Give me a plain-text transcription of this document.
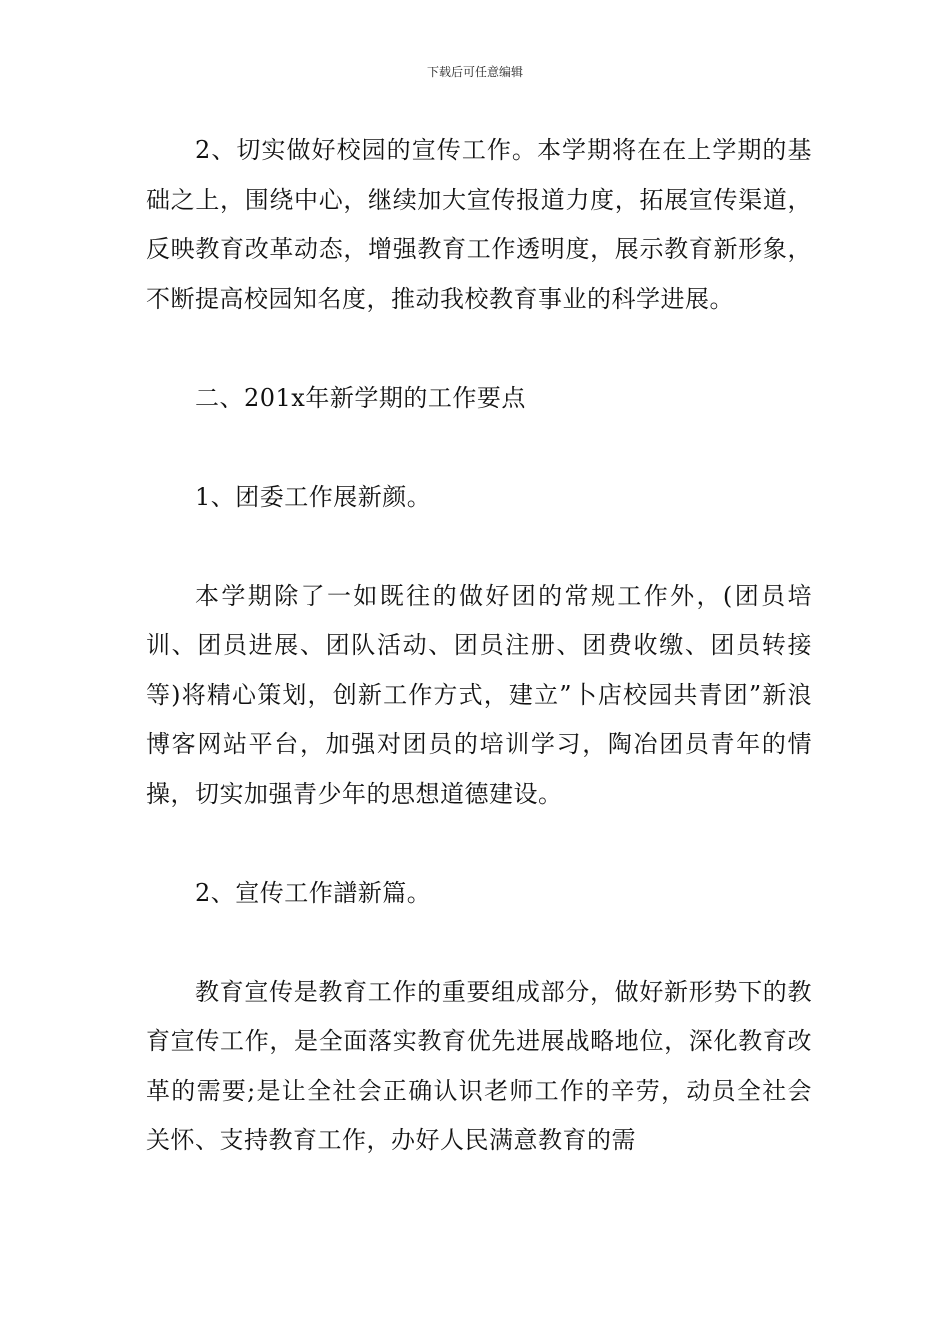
下载后可任意编辑

2、切实做好校园的宣传工作。本学期将在在上学期的基础之上，围绕中心，继续加大宣传报道力度，拓展宣传渠道，反映教育改革动态，增强教育工作透明度，展示教育新形象，不断提高校园知名度，推动我校教育事业的科学进展。

二、201x年新学期的工作要点

1、团委工作展新颜。

本学期除了一如既往的做好团的常规工作外，(团员培训、团员进展、团队活动、团员注册、团费收缴、团员转接等)将精心策划，创新工作方式，建立”卜店校园共青团”新浪博客网站平台，加强对团员的培训学习，陶冶团员青年的情操，切实加强青少年的思想道德建设。

2、宣传工作譜新篇。

教育宣传是教育工作的重要组成部分，做好新形势下的教育宣传工作，是全面落实教育优先进展战略地位，深化教育改革的需要;是让全社会正确认识老师工作的辛劳，动员全社会关怀、支持教育工作，办好人民满意教育的需
